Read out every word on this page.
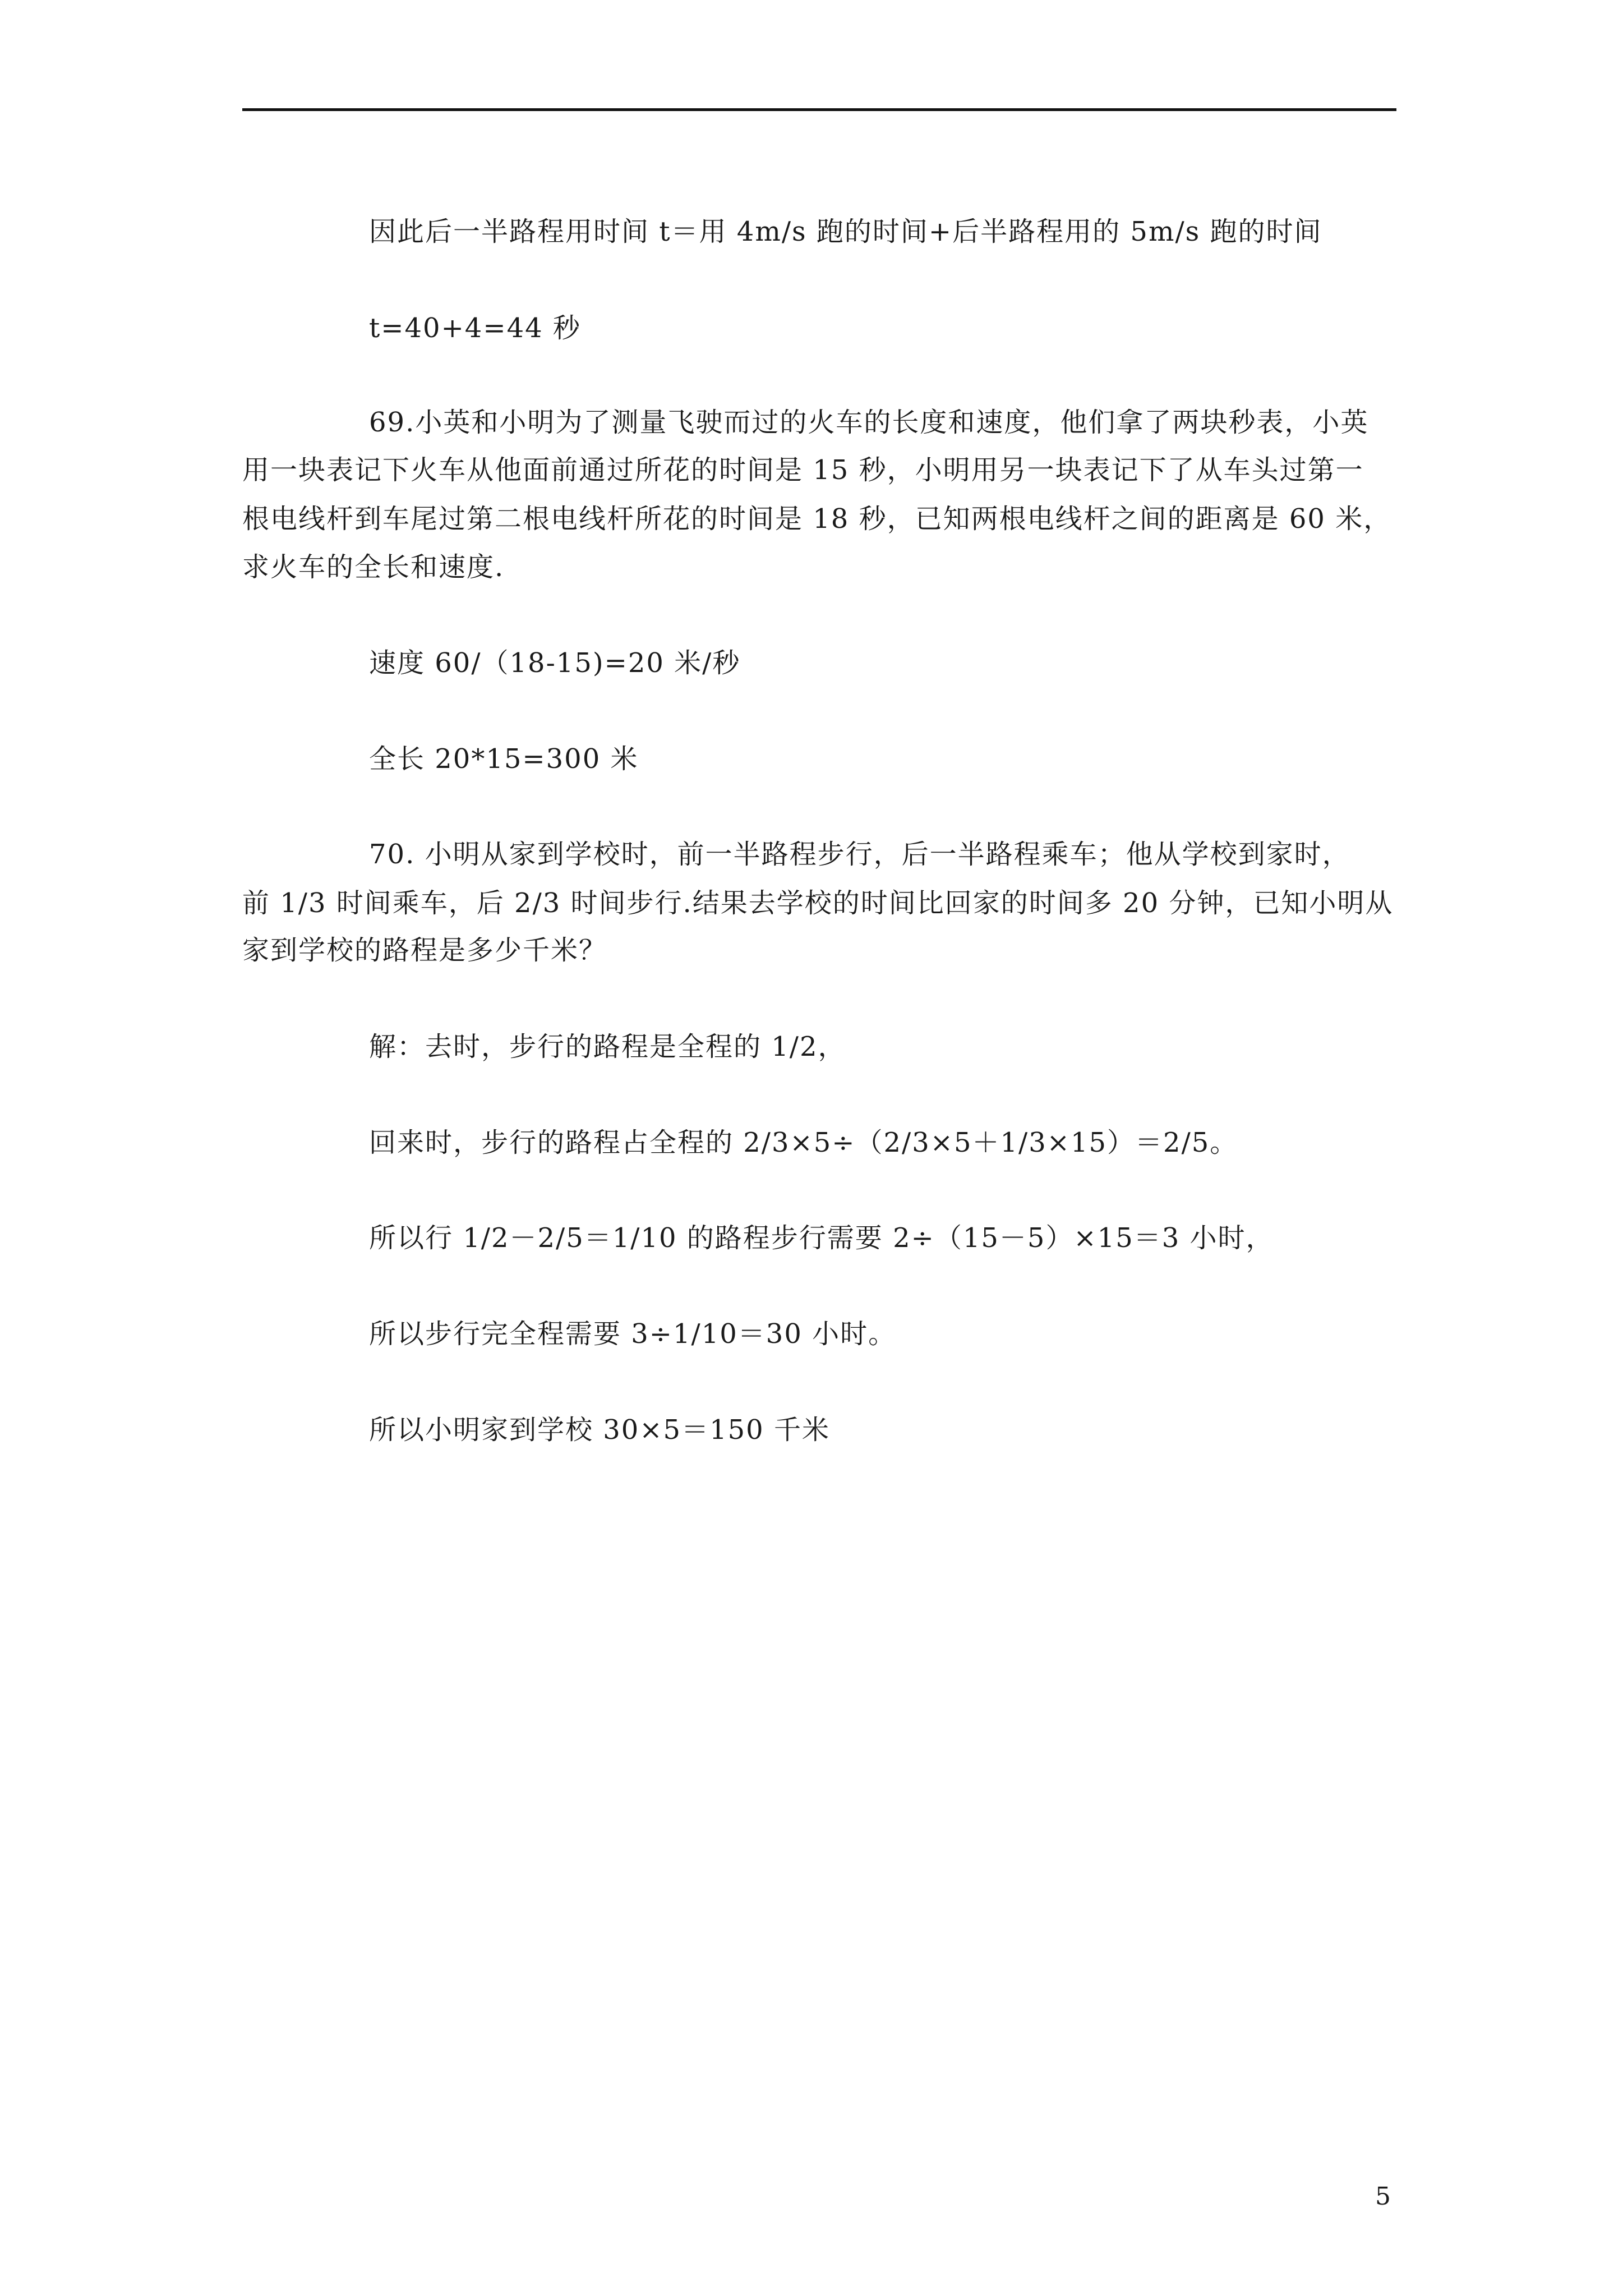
因此后一半路程用时间 t＝用 4m/s 跑的时间+后半路程用的 5m/s 跑的时间
t=40+4=44 秒
69.小英和小明为了测量飞驶而过的火车的长度和速度，他们拿了两块秒表，小英
用一块表记下火车从他面前通过所花的时间是 15 秒，小明用另一块表记下了从车头过第一
根电线杆到车尾过第二根电线杆所花的时间是 18 秒，已知两根电线杆之间的距离是 60 米，
求火车的全长和速度.
速度 60/（18-15)=20 米/秒
全长 20*15=300 米
70. 小明从家到学校时，前一半路程步行，后一半路程乘车；他从学校到家时，
前 1/3 时间乘车，后 2/3 时间步行.结果去学校的时间比回家的时间多 20 分钟，已知小明从
家到学校的路程是多少千米？
解：去时，步行的路程是全程的 1/2，
回来时，步行的路程占全程的 2/3×5÷（2/3×5＋1/3×15）＝2/5。
所以行 1/2－2/5＝1/10 的路程步行需要 2÷（15－5）×15＝3 小时，
所以步行完全程需要 3÷1/10＝30 小时。
所以小明家到学校 30×5＝150 千米
5
